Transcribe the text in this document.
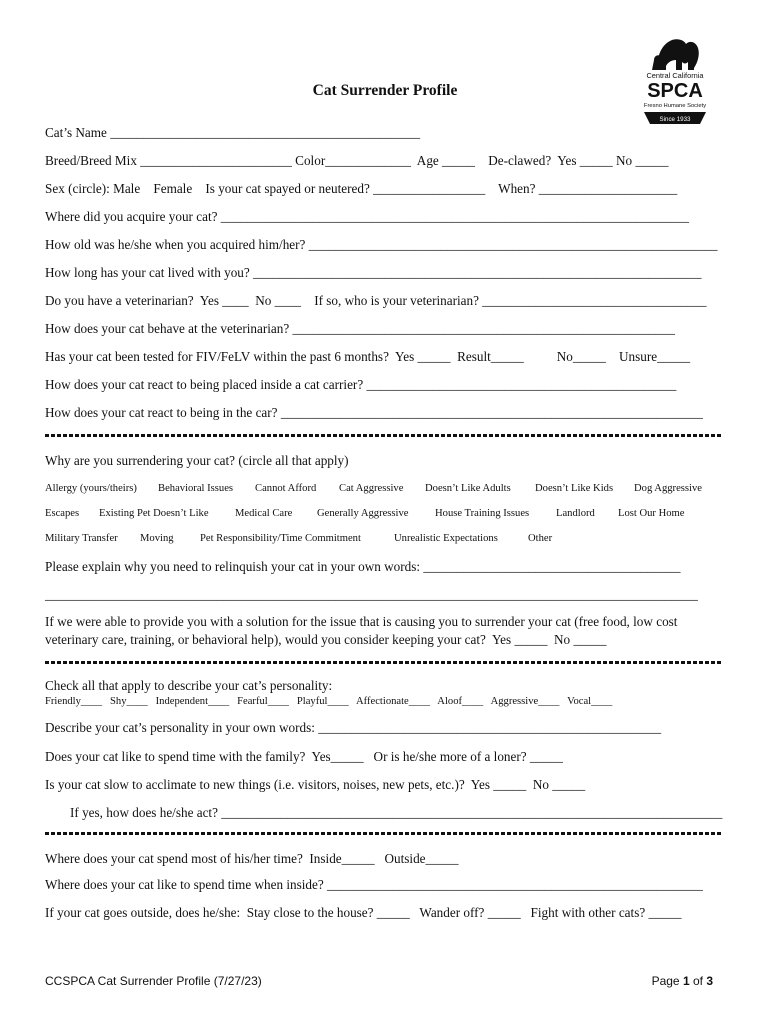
Since 1933
Central California
SPCA
Fresno Humane Society
Cat Surrender Profile
Cat’s Name _______________________________________________
Breed/Breed Mix _______________________ Color_____________  Age _____    De-clawed?  Yes _____ No _____
Sex (circle): Male    Female    Is your cat spayed or neutered? _________________    When? _____________________
Where did you acquire your cat? _______________________________________________________________________
How old was he/she when you acquired him/her? ______________________________________________________________
How long has your cat lived with you? ____________________________________________________________________
Do you have a veterinarian?  Yes ____  No ____    If so, who is your veterinarian? __________________________________
How does your cat behave at the veterinarian? __________________________________________________________
Has your cat been tested for FIV/FeLV within the past 6 months?  Yes _____  Result_____          No_____    Unsure_____
How does your cat react to being placed inside a cat carrier? _______________________________________________
How does your cat react to being in the car? ________________________________________________________________
Why are you surrendering your cat? (circle all that apply)
Allergy (yours/theirs) Behavioral Issues Cannot Afford Cat Aggressive Doesn’t Like Adults Doesn’t Like Kids Dog Aggressive
Escapes Existing Pet Doesn’t Like Medical Care Generally Aggressive	House Training Issues	Landlord Lost Our Home
Military Transfer Moving Pet Responsibility/Time Commitment	Unrealistic Expectations	Other
Please explain why you need to relinquish your cat in your own words: _______________________________________
___________________________________________________________________________________________________
If we were able to provide you with a solution for the issue that is causing you to surrender your cat (free food, low cost
veterinary care, training, or behavioral help), would you consider keeping your cat?  Yes _____  No _____
Check all that apply to describe your cat’s personality:
Friendly____   Shy____   Independent____   Fearful____   Playful____   Affectionate____   Aloof____   Aggressive____   Vocal____
Describe your cat’s personality in your own words: ____________________________________________________
Does your cat like to spend time with the family?  Yes_____   Or is he/she more of a loner? _____
Is your cat slow to acclimate to new things (i.e. visitors, noises, new pets, etc.)?  Yes _____  No _____
If yes, how does he/she act? ____________________________________________________________________________
Where does your cat spend most of his/her time?  Inside_____   Outside_____
Where does your cat like to spend time when inside? _________________________________________________________
If your cat goes outside, does he/she:  Stay close to the house? _____   Wander off? _____   Fight with other cats? _____
CCSPCA Cat Surrender Profile (7/27/23)	Page 1 of 3
